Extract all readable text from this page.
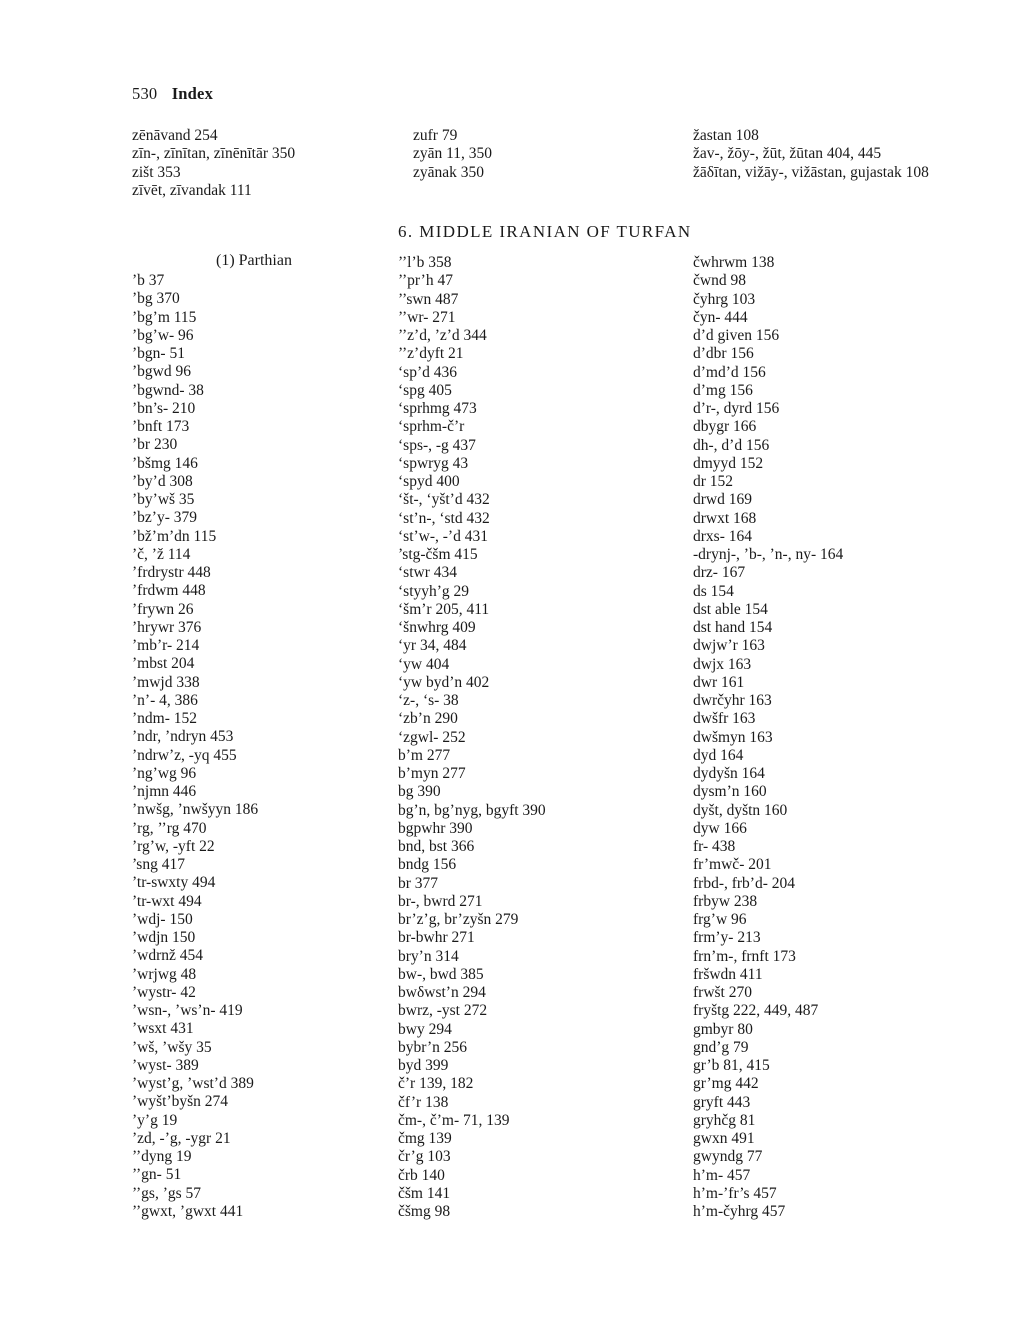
530 Index
zēnāvand 254
zīn-, zīnītan, zīnēnītār 350
zišt 353
zīvēt, zīvandak 111
zufr 79
zyān 11, 350
zyānak 350
žastan 108
žav-, žōy-, žūt, žūtan 404, 445
žāδītan, vižāy-, vižāstan, gujastak 108
6. MIDDLE IRANIAN OF TURFAN
(1) Parthian
’b 37
’bg 370
’bg’m 115
’bg’w- 96
’bgn- 51
’bgwd 96
’bgwnd- 38
’bn’s- 210
’bnft 173
’br 230
’bšmg 146
’by’d 308
’by’wš 35
’bz’y- 379
’bž’m’dn 115
’č, ’ž 114
’frdrystr 448
’frdwm 448
’frywn 26
’hrywr 376
’mb’r- 214
’mbst 204
’mwjd 338
’n’- 4, 386
’ndm- 152
’ndr, ’ndryn 453
’ndrw’z, -yq 455
’ng’wg 96
’njmn 446
’nwšg, ’nwšyyn 186
’rg, ’’rg 470
’rg’w, -yft 22
’sng 417
’tr-swxty 494
’tr-wxt 494
’wdj- 150
’wdjn 150
’wdrnž 454
’wrjwg 48
’wystr- 42
’wsn-, ’ws’n- 419
’wsxt 431
’wš, ’wšy 35
’wyst- 389
’wyst’g, ’wst’d 389
’wyšt’byšn 274
’y’g 19
’zd, -’g, -ygr 21
’’dyng 19
’’gn- 51
’’gs, ’gs 57
’’gwxt, ’gwxt 441
’’l’b 358
’’pr’h 47
’’swn 487
’’wr- 271
’’z’d, ’z’d 344
’’z’dyft 21
‘sp’d 436
‘spg 405
‘sprhmg 473
‘sprhm-č’r
‘sps-, -g 437
‘spwryg 43
‘spyd 400
‘št-, ‘yšt’d 432
‘st’n-, ‘std 432
‘st’w-, -’d 431
’stg-čšm 415
‘stwr 434
‘styyh’g 29
‘šm’r 205, 411
‘šnwhrg 409
‘yr 34, 484
‘yw 404
‘yw byd’n 402
‘z-, ‘s- 38
‘zb’n 290
‘zgwl- 252
b’m 277
b’myn 277
bg 390
bg’n, bg’nyg, bgyft 390
bgpwhr 390
bnd, bst 366
bndg 156
br 377
br-, bwrd 271
br’z’g, br’zyšn 279
br-bwhr 271
bry’n 314
bw-, bwd 385
bwδwst’n 294
bwrz, -yst 272
bwy 294
bybr’n 256
byd 399
č’r 139, 182
čf’r 138
čm-, č’m- 71, 139
čmg 139
čr’g 103
črb 140
čšm 141
čšmg 98
čwhrwm 138
čwnd 98
čyhrg 103
čyn- 444
d’d given 156
d’dbr 156
d’md’d 156
d’mg 156
d’r-, dyrd 156
dbygr 166
dh-, d’d 156
dmyyd 152
dr 152
drwd 169
drwxt 168
drxs- 164
-drynj-, ’b-, ’n-, ny- 164
drz- 167
ds 154
dst able 154
dst hand 154
dwjw’r 163
dwjx 163
dwr 161
dwrčyhr 163
dwšfr 163
dwšmyn 163
dyd 164
dydyšn 164
dysm’n 160
dyšt, dyštn 160
dyw 166
fr- 438
fr’mwč- 201
frbd-, frb’d- 204
frbyw 238
frg’w 96
frm’y- 213
frn’m-, frnft 173
fršwdn 411
frwšt 270
fryštg 222, 449, 487
gmbyr 80
gnd’g 79
gr’b 81, 415
gr’mg 442
gryft 443
gryhčg 81
gwxn 491
gwyndg 77
h’m- 457
h’m-’fr’s 457
h’m-čyhrg 457
